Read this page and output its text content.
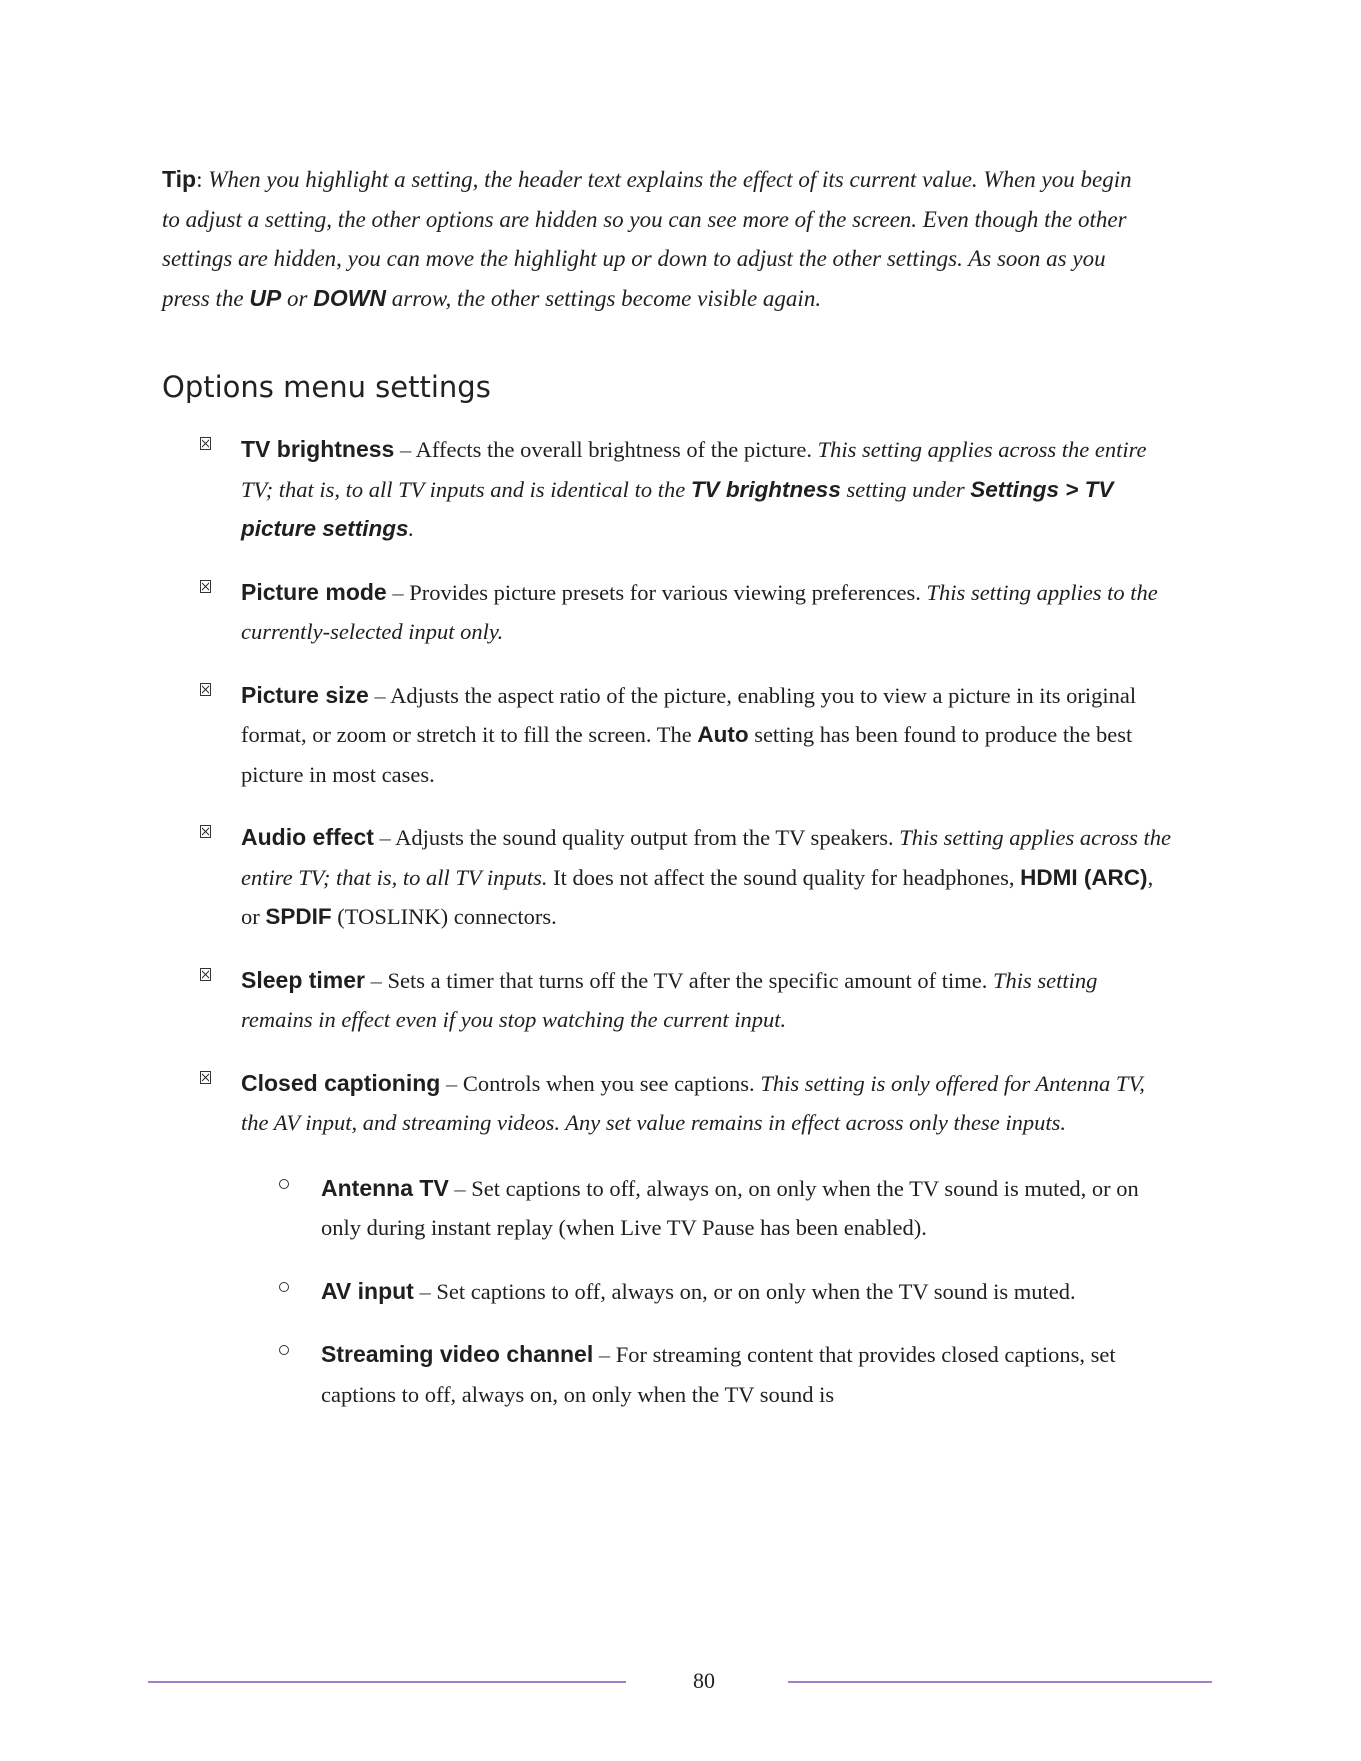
Tip: When you highlight a setting, the header text explains the effect of its current value. When you begin to adjust a setting, the other options are hidden so you can see more of the screen. Even though the other settings are hidden, you can move the highlight up or down to adjust the other settings. As soon as you press the UP or DOWN arrow, the other settings become visible again.

Options menu settings

TV brightness – Affects the overall brightness of the picture. This setting applies across the entire TV; that is, to all TV inputs and is identical to the TV brightness setting under Settings > TV picture settings.

Picture mode – Provides picture presets for various viewing preferences. This setting applies to the currently-selected input only.

Picture size – Adjusts the aspect ratio of the picture, enabling you to view a picture in its original format, or zoom or stretch it to fill the screen. The Auto setting has been found to produce the best picture in most cases.

Audio effect – Adjusts the sound quality output from the TV speakers. This setting applies across the entire TV; that is, to all TV inputs. It does not affect the sound quality for headphones, HDMI (ARC), or SPDIF (TOSLINK) connectors.

Sleep timer – Sets a timer that turns off the TV after the specific amount of time. This setting remains in effect even if you stop watching the current input.

Closed captioning – Controls when you see captions. This setting is only offered for Antenna TV, the AV input, and streaming videos. Any set value remains in effect across only these inputs.

Antenna TV – Set captions to off, always on, on only when the TV sound is muted, or on only during instant replay (when Live TV Pause has been enabled).

AV input – Set captions to off, always on, or on only when the TV sound is muted.

Streaming video channel – For streaming content that provides closed captions, set captions to off, always on, on only when the TV sound is

80
